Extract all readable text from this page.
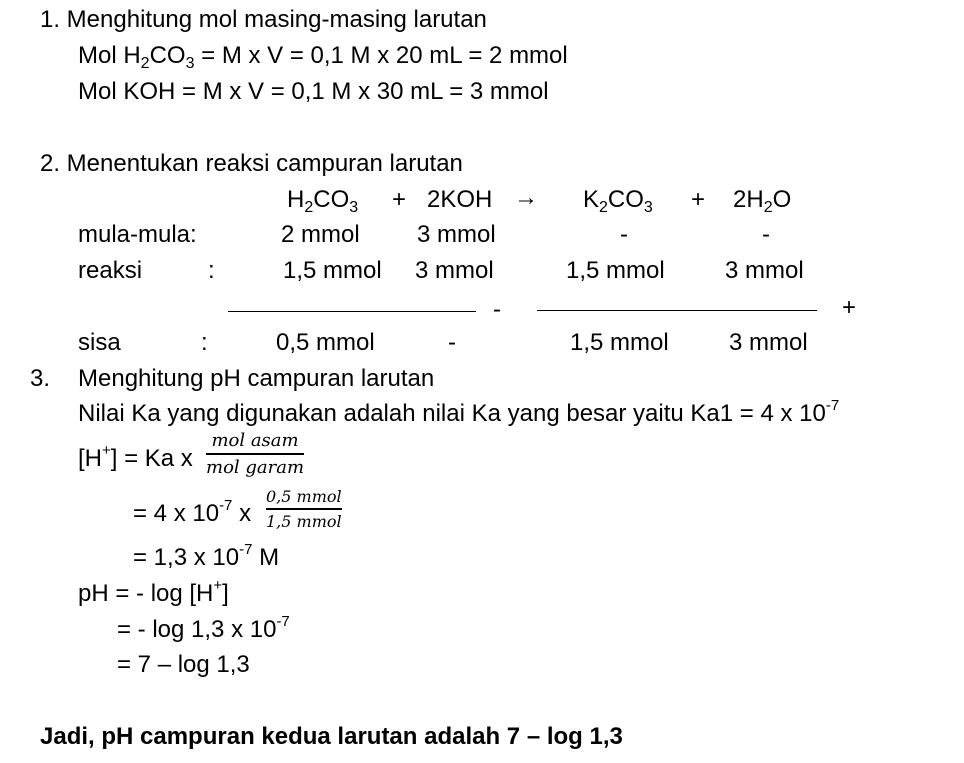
1. Menghitung mol masing-masing larutan
Mol $H_2CO_3 = M$ x V = 0,1 M x 20 mL = 2 mmol
Mol KOH = M x V = 0,1 M x 30 mL = 3 mmol
2. Menentukan reaksi campuran larutan
$H_2CO_3 + 2KOH \to K_2CO_3 + 2H_2O$
mula-mula:	2 mmol 3 mmol	-	-
reaksi	:	1,5 mmol 3 mmol	1,5 mmol	3 mmol
-	+
sisa	:	0,5 mmol	-	1,5 mmol	3 mmol
3. Menghitung pH campuran larutan
Nilai Ka yang digunakan adalah nilai Ka yang besar yaitu Ka1 = 4 x $10^{-7}$
[H+] = Ka x
mol asam
mol garam
= 4 x $10^{-7}$ x
0,5 mmol
1,5 mmol
= 1,3 x $10^{-7}$ M
pH = - log [H+]
= - log 1,3 x $10^{-7}$
= 7 – log 1,3
Jadi, pH campuran kedua larutan adalah 7 – log 1,3
